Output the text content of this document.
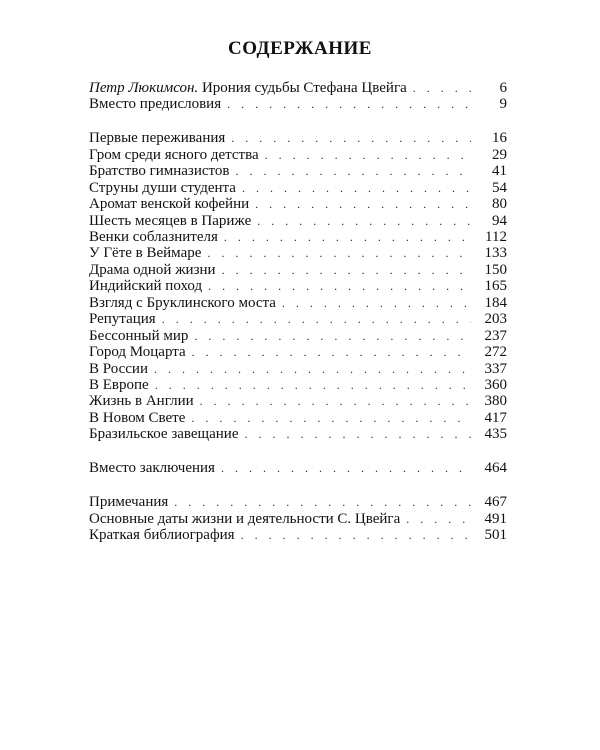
СОДЕРЖАНИЕ
Петр Люкимсон. Ирония судьбы Стефана Цвейга . . .	6
Вместо предисловия . . .	9
Первые переживания . . .	16
Гром среди ясного детства . . .	29
Братство гимназистов . . .	41
Струны души студента . . .	54
Аромат венской кофейни . . .	80
Шесть месяцев в Париже . . .	94
Венки соблазнителя . . .	112
У Гёте в Веймаре . . .	133
Драма одной жизни . . .	150
Индийский поход . . .	165
Взгляд с Бруклинского моста . . .	184
Репутация . . .	203
Бессонный мир . . .	237
Город Моцарта . . .	272
В России . . .	337
В Европе . . .	360
Жизнь в Англии . . .	380
В Новом Свете . . .	417
Бразильское завещание . . .	435
Вместо заключения . . .	464
Примечания . . .	467
Основные даты жизни и деятельности С. Цвейга . . .	491
Краткая библиография . . .	501
